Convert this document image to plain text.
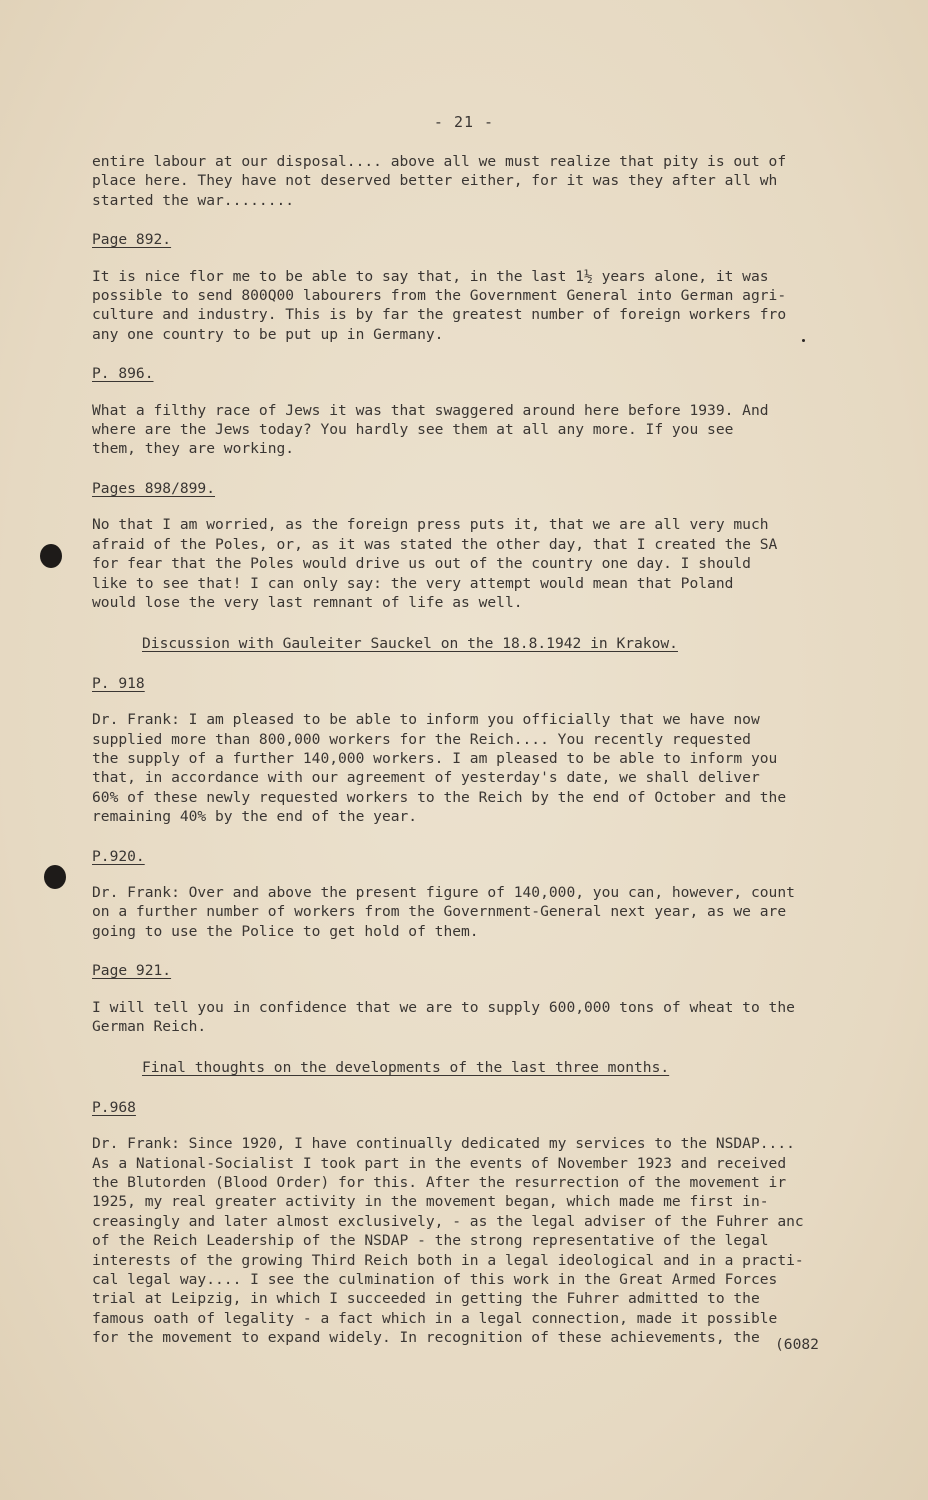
- 21 -
entire labour at our disposal.... above all we must realize that pity is out of
place here. They have not deserved better either, for it was they after all wh
started the war........
Page 892.
It is nice flor me to be able to say that, in the last 1½ years alone, it was
possible to send 800Q00 labourers from the Government General into German agri-
culture and industry. This is by far the greatest number of foreign workers fro
any one country to be put up in Germany.
P. 896.
What a filthy race of Jews it was that swaggered around here before 1939. And
where are the Jews today? You hardly see them at all any more. If you see
them, they are working.
Pages 898/899.
No that I am worried, as the foreign press puts it, that we are all very much
afraid of the Poles, or, as it was stated the other day, that I created the SA
for fear that the Poles would drive us out of the country one day. I should
like to see that! I can only say: the very attempt would mean that Poland
would lose the very last remnant of life as well.
Discussion with Gauleiter Sauckel on the 18.8.1942 in Krakow.
P. 918
Dr. Frank: I am pleased to be able to inform you officially that we have now
supplied more than 800,000 workers for the Reich.... You recently requested
the supply of a further 140,000 workers. I am pleased to be able to inform you
that, in accordance with our agreement of yesterday's date, we shall deliver
60% of these newly requested workers to the Reich by the end of October and the
remaining 40% by the end of the year.
P.920.
Dr. Frank: Over and above the present figure of 140,000, you can, however, count
on a further number of workers from the Government-General next year, as we are
going to use the Police to get hold of them.
Page 921.
I will tell you in confidence that we are to supply 600,000 tons of wheat to the
German Reich.
Final thoughts on the developments of the last three months.
P.968
Dr. Frank: Since 1920, I have continually dedicated my services to the NSDAP....
As a National-Socialist I took part in the events of November 1923 and received
the Blutorden (Blood Order) for this. After the resurrection of the movement ir
1925, my real greater activity in the movement began, which made me first in-
creasingly and later almost exclusively, - as the legal adviser of the Fuhrer anc
of the Reich Leadership of the NSDAP - the strong representative of the legal
interests of the growing Third Reich both in a legal ideological and in a practi-
cal legal way.... I see the culmination of this work in the Great Armed Forces
trial at Leipzig, in which I succeeded in getting the Fuhrer admitted to the
famous oath of legality - a fact which in a legal connection, made it possible
for the movement to expand widely. In recognition of these achievements, the	(6082
